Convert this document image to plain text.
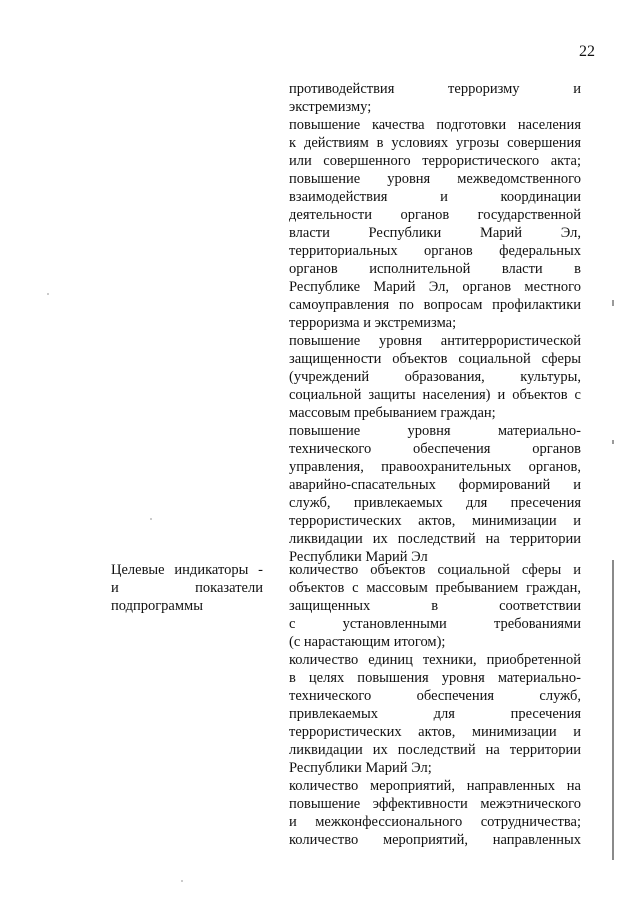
22
противодействия терроризму и
экстремизму;
повышение качества подготовки населения
к действиям в условиях угрозы совершения
или совершенного террористического акта;
повышение уровня межведомственного
взаимодействия и координации
деятельности органов государственной
власти Республики Марий Эл,
территориальных органов федеральных
органов исполнительной власти в
Республике Марий Эл, органов местного
самоуправления по вопросам профилактики
терроризма и экстремизма;
повышение уровня антитеррористической
защищенности объектов социальной сферы
(учреждений образования, культуры,
социальной защиты населения) и объектов с
массовым пребыванием граждан;
повышение уровня материально-
технического обеспечения органов
управления, правоохранительных органов,
аварийно-спасательных формирований и
служб, привлекаемых для пресечения
террористических актов, минимизации и
ликвидации их последствий на территории
Республики Марий Эл
Целевые индикаторы -
и показатели
подпрограммы
количество объектов социальной сферы и
объектов с массовым пребыванием граждан,
защищенных в соответствии
с установленными требованиями
(с нарастающим итогом);
количество единиц техники, приобретенной
в целях повышения уровня материально-
технического обеспечения служб,
привлекаемых для пресечения
террористических актов, минимизации и
ликвидации их последствий на территории
Республики Марий Эл;
количество мероприятий, направленных на
повышение эффективности межэтнического
и межконфессионального сотрудничества;
количество мероприятий, направленных
